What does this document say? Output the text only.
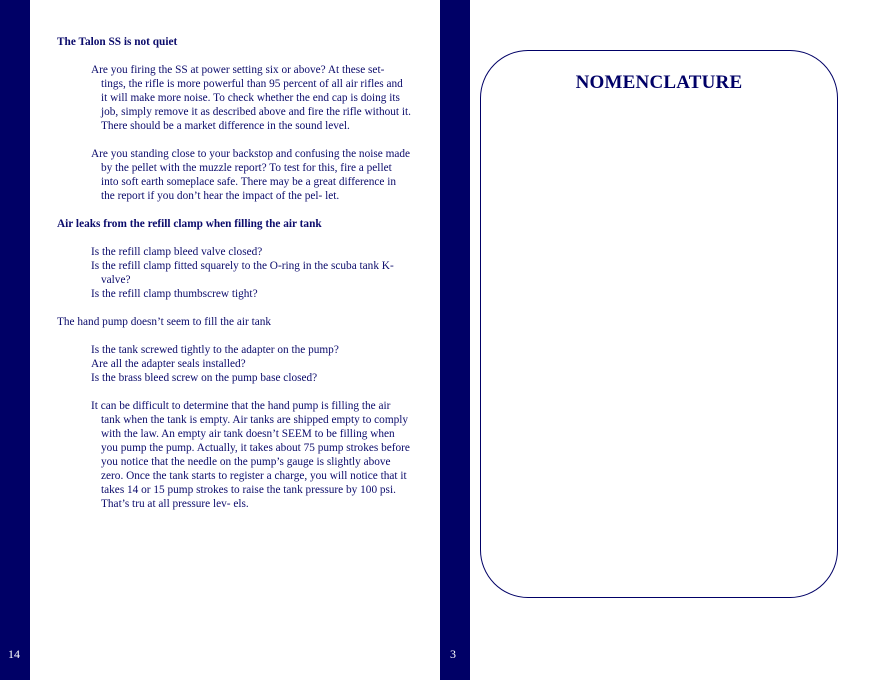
14	3

The Talon SS is not quiet

Are you firing the SS at power setting six or above? At these set- tings, the rifle is more powerful than 95 percent of all air rifles and it will make more noise. To check whether the end cap is doing its job, simply remove it as described above and fire the rifle without it. There should be a market difference in the sound level.

Are you standing close to your backstop and confusing the noise made by the pellet with the muzzle report? To test for this, fire a pellet into soft earth someplace safe. There may be a great difference in the report if you don’t hear the impact of the pel- let.

Air leaks from the refill clamp when filling the air tank

Is the refill clamp bleed valve closed?

Is the refill clamp fitted squarely to the O-ring in the scuba tank K-valve?

Is the refill clamp thumbscrew tight?

The hand pump doesn’t seem to fill the air tank

Is the tank screwed tightly to the adapter on the pump?

Are all the adapter seals installed?

Is the brass bleed screw on the pump base closed?

It can be difficult to determine that the hand pump is filling the air tank when the tank is empty. Air tanks are shipped empty to comply with the law. An empty air tank doesn’t SEEM to be filling when you pump the pump. Actually, it takes about 75 pump strokes before you notice that the needle on the pump’s gauge is slightly above zero. Once the tank starts to register a charge, you will notice that it takes 14 or 15 pump strokes to raise the tank pressure by 100 psi. That’s tru at all pressure lev- els.

NOMENCLATURE
